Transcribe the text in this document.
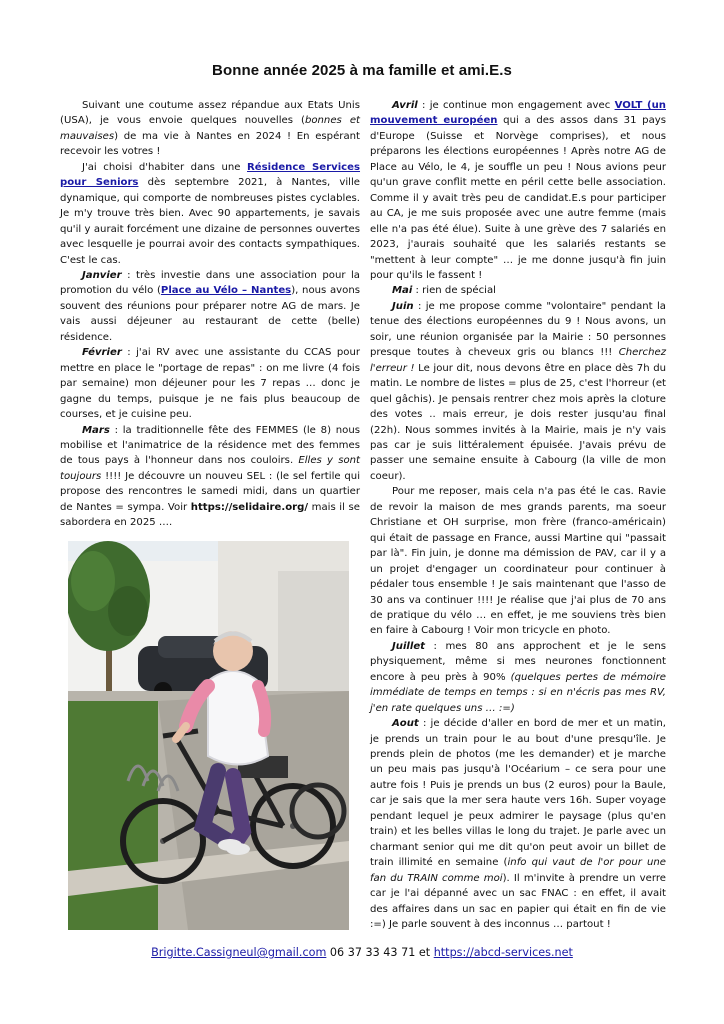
Bonne année 2025 à ma famille et ami.E.s

Suivant une coutume assez répandue aux Etats Unis (USA), je vous envoie quelques nouvelles (bonnes et mauvaises) de ma vie à Nantes en 2024 ! En espérant recevoir les votres !

J'ai choisi d'habiter dans une Résidence Services pour Seniors dès septembre 2021, à Nantes, ville dynamique, qui comporte de nombreuses pistes cyclables. Je m'y trouve très bien. Avec 90 appartements, je savais qu'il y aurait forcément une dizaine de personnes ouvertes avec lesquelle je pourrai avoir des contacts sympathiques. C'est le cas.

Janvier : très investie dans une association pour la promotion du vélo (Place au Vélo – Nantes), nous avons souvent des réunions pour préparer notre AG de mars. Je vais aussi déjeuner au restaurant de cette (belle) résidence.

Février : j'ai RV avec une assistante du CCAS pour mettre en place le "portage de repas" : on me livre (4 fois par semaine) mon déjeuner pour les 7 repas … donc je gagne du temps, puisque je ne fais plus beaucoup de courses, et je cuisine peu.

Mars : la traditionnelle fête des FEMMES (le 8) nous mobilise et l'animatrice de la résidence met des femmes de tous pays à l'honneur dans nos couloirs. Elles y sont toujours !!!! Je découvre un nouveu SEL : (le sel fertile qui propose des rencontres le samedi midi, dans un quartier de Nantes = sympa. Voir https://selidaire.org/ mais il se sabordera en 2025 ….

Avril : je continue mon engagement avec VOLT (un mouvement européen qui a des assos dans 31 pays d'Europe (Suisse et Norvège comprises), et nous préparons les élections européennes ! Après notre AG de Place au Vélo, le 4, je souffle un peu ! Nous avions peur qu'un grave conflit mette en péril cette belle association. Comme il y avait très peu de candidat.E.s pour participer au CA, je me suis proposée avec une autre femme (mais elle n'a pas été élue). Suite à une grève des 7 salariés en 2023, j'aurais souhaité que les salariés restants se "mettent à leur compte" … je me donne jusqu'à fin juin pour qu'ils le fassent !

Mai : rien de spécial

Juin : je me propose comme "volontaire" pendant la tenue des élections européennes du 9 ! Nous avons, un soir, une réunion organisée par la Mairie : 50 personnes presque toutes à cheveux gris ou blancs !!! Cherchez l'erreur ! Le jour dit, nous devons être en place dès 7h du matin. Le nombre de listes = plus de 25, c'est l'horreur (et quel gâchis). Je pensais rentrer chez mois après la cloture des votes .. mais erreur, je dois rester jusqu'au final (22h). Nous sommes invités à la Mairie, mais je n'y vais pas car je suis littéralement épuisée. J'avais prévu de passer une semaine ensuite à Cabourg (la ville de mon coeur).

Pour me reposer, mais cela n'a pas été le cas. Ravie de revoir la maison de mes grands parents, ma soeur Christiane et OH surprise, mon frère (franco-américain) qui était de passage en France, aussi Martine qui "passait par là". Fin juin, je donne ma démission de PAV, car il y a un projet d'engager un coordinateur pour continuer à pédaler tous ensemble ! Je sais maintenant que l'asso de 30 ans va continuer !!!! Je réalise que j'ai plus de 70 ans de pratique du vélo … en effet, je me souviens très bien en faire à Cabourg ! Voir mon tricycle en photo.

Juillet : mes 80 ans approchent et je le sens physiquement, même si mes neurones fonctionnent encore à peu près à 90% (quelques pertes de mémoire immédiate de temps en temps : si en n'écris pas mes RV, j'en rate quelques uns … :=)

Aout : je décide d'aller en bord de mer et un matin, je prends un train pour le au bout d'une presqu'île. Je prends plein de photos (me les demander) et je marche un peu mais pas jusqu'à l'Océarium – ce sera pour une autre fois ! Puis je prends un bus (2 euros) pour la Baule, car je sais que la mer sera haute vers 16h. Super voyage pendant lequel je peux admirer le paysage (plus qu'en train) et les belles villas le long du trajet. Je parle avec un charmant senior qui me dit qu'on peut avoir un billet de train illimité en semaine (info qui vaut de l'or pour une fan du TRAIN comme moi). Il m'invite à prendre un verre car je l'ai dépanné avec un sac FNAC : en effet, il avait des affaires dans un sac en papier qui était en fin de vie :=) Je parle souvent à des inconnus … partout !

Brigitte.Cassigneul@gmail.com 06 37 33 43 71 et https://abcd-services.net
